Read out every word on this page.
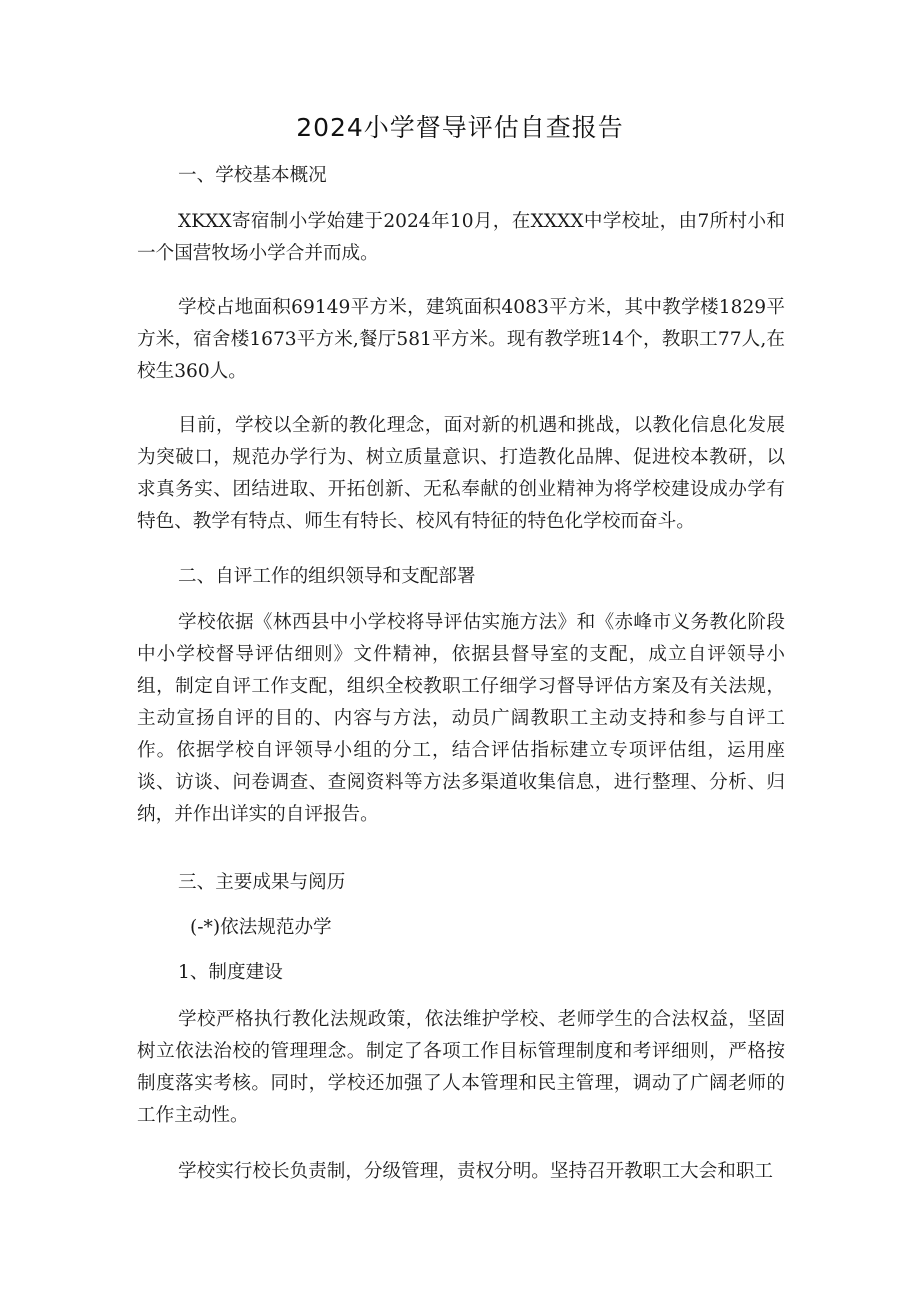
2024小学督导评估自查报告
一、学校基本概况

XKXX寄宿制小学始建于2024年10月，在XXXX中学校址，由7所村小和一个国营牧场小学合并而成。

学校占地面积69149平方米，建筑面积4083平方米，其中教学楼1829平方米，宿舍楼1673平方米,餐厅581平方米。现有教学班14个，教职工77人,在校生360人。

目前，学校以全新的教化理念，面对新的机遇和挑战，以教化信息化发展为突破口，规范办学行为、树立质量意识、打造教化品牌、促进校本教研，以求真务实、团结进取、开拓创新、无私奉献的创业精神为将学校建设成办学有特色、教学有特点、师生有特长、校风有特征的特色化学校而奋斗。

二、自评工作的组织领导和支配部署

学校依据《林西县中小学校将导评估实施方法》和《赤峰市义务教化阶段中小学校督导评估细则》文件精神，依据县督导室的支配，成立自评领导小组，制定自评工作支配，组织全校教职工仔细学习督导评估方案及有关法规，主动宣扬自评的目的、内容与方法，动员广阔教职工主动支持和参与自评工作。依据学校自评领导小组的分工，结合评估指标建立专项评估组，运用座谈、访谈、问卷调查、查阅资料等方法多渠道收集信息，进行整理、分析、归纳，并作出详实的自评报告。

三、主要成果与阅历
(-*)依法规范办学
1、制度建设

学校严格执行教化法规政策，依法维护学校、老师学生的合法权益，坚固树立依法治校的管理理念。制定了各项工作目标管理制度和考评细则，严格按制度落实考核。同时，学校还加强了人本管理和民主管理，调动了广阔老师的工作主动性。

学校实行校长负责制，分级管理，责权分明。坚持召开教职工大会和职工
